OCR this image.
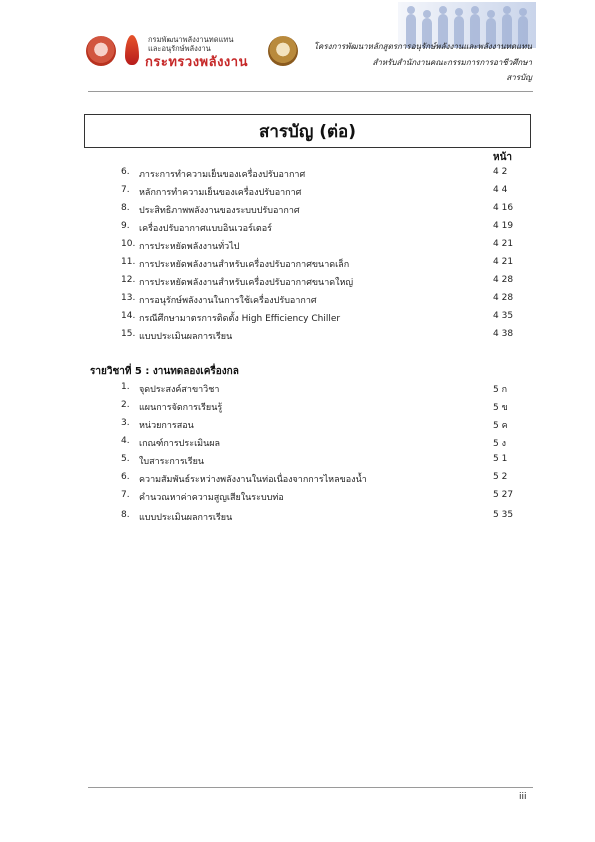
กรมพัฒนาพลังงานทดแทน
และอนุรักษ์พลังงาน
กระทรวงพลังงาน
โครงการพัฒนาหลักสูตรการอนุรักษ์พลังงานและพลังงานทดแทน
สำหรับสำนักงานคณะกรรมการการอาชีวศึกษา
สารบัญ
สารบัญ (ต่อ)
หน้า
6. ภาระการทำความเย็นของเครื่องปรับอากาศ	4 2
7. หลักการทำความเย็นของเครื่องปรับอากาศ	4 4
8. ประสิทธิภาพพลังงานของระบบปรับอากาศ	4 16
9. เครื่องปรับอากาศแบบอินเวอร์เตอร์	4 19
10. การประหยัดพลังงานทั่วไป	4 21
11. การประหยัดพลังงานสำหรับเครื่องปรับอากาศขนาดเล็ก	4 21
12. การประหยัดพลังงานสำหรับเครื่องปรับอากาศขนาดใหญ่	4 28
13. การอนุรักษ์พลังงานในการใช้เครื่องปรับอากาศ	4 28
14. กรณีศึกษามาตรการติดตั้ง High Efficiency Chiller	4 35
15. แบบประเมินผลการเรียน	4 38
รายวิชาที่ 5 : งานทดลองเครื่องกล
1. จุดประสงค์สาขาวิชา	5 ก
2. แผนการจัดการเรียนรู้	5 ข
3. หน่วยการสอน	5 ค
4. เกณฑ์การประเมินผล	5 ง
5. ใบสาระการเรียน	5 1
6. ความสัมพันธ์ระหว่างพลังงานในท่อเนื่องจากการไหลของน้ำ	5 2
7. คำนวณหาค่าความสูญเสียในระบบท่อ	5 27
8. แบบประเมินผลการเรียน	5 35
iii
